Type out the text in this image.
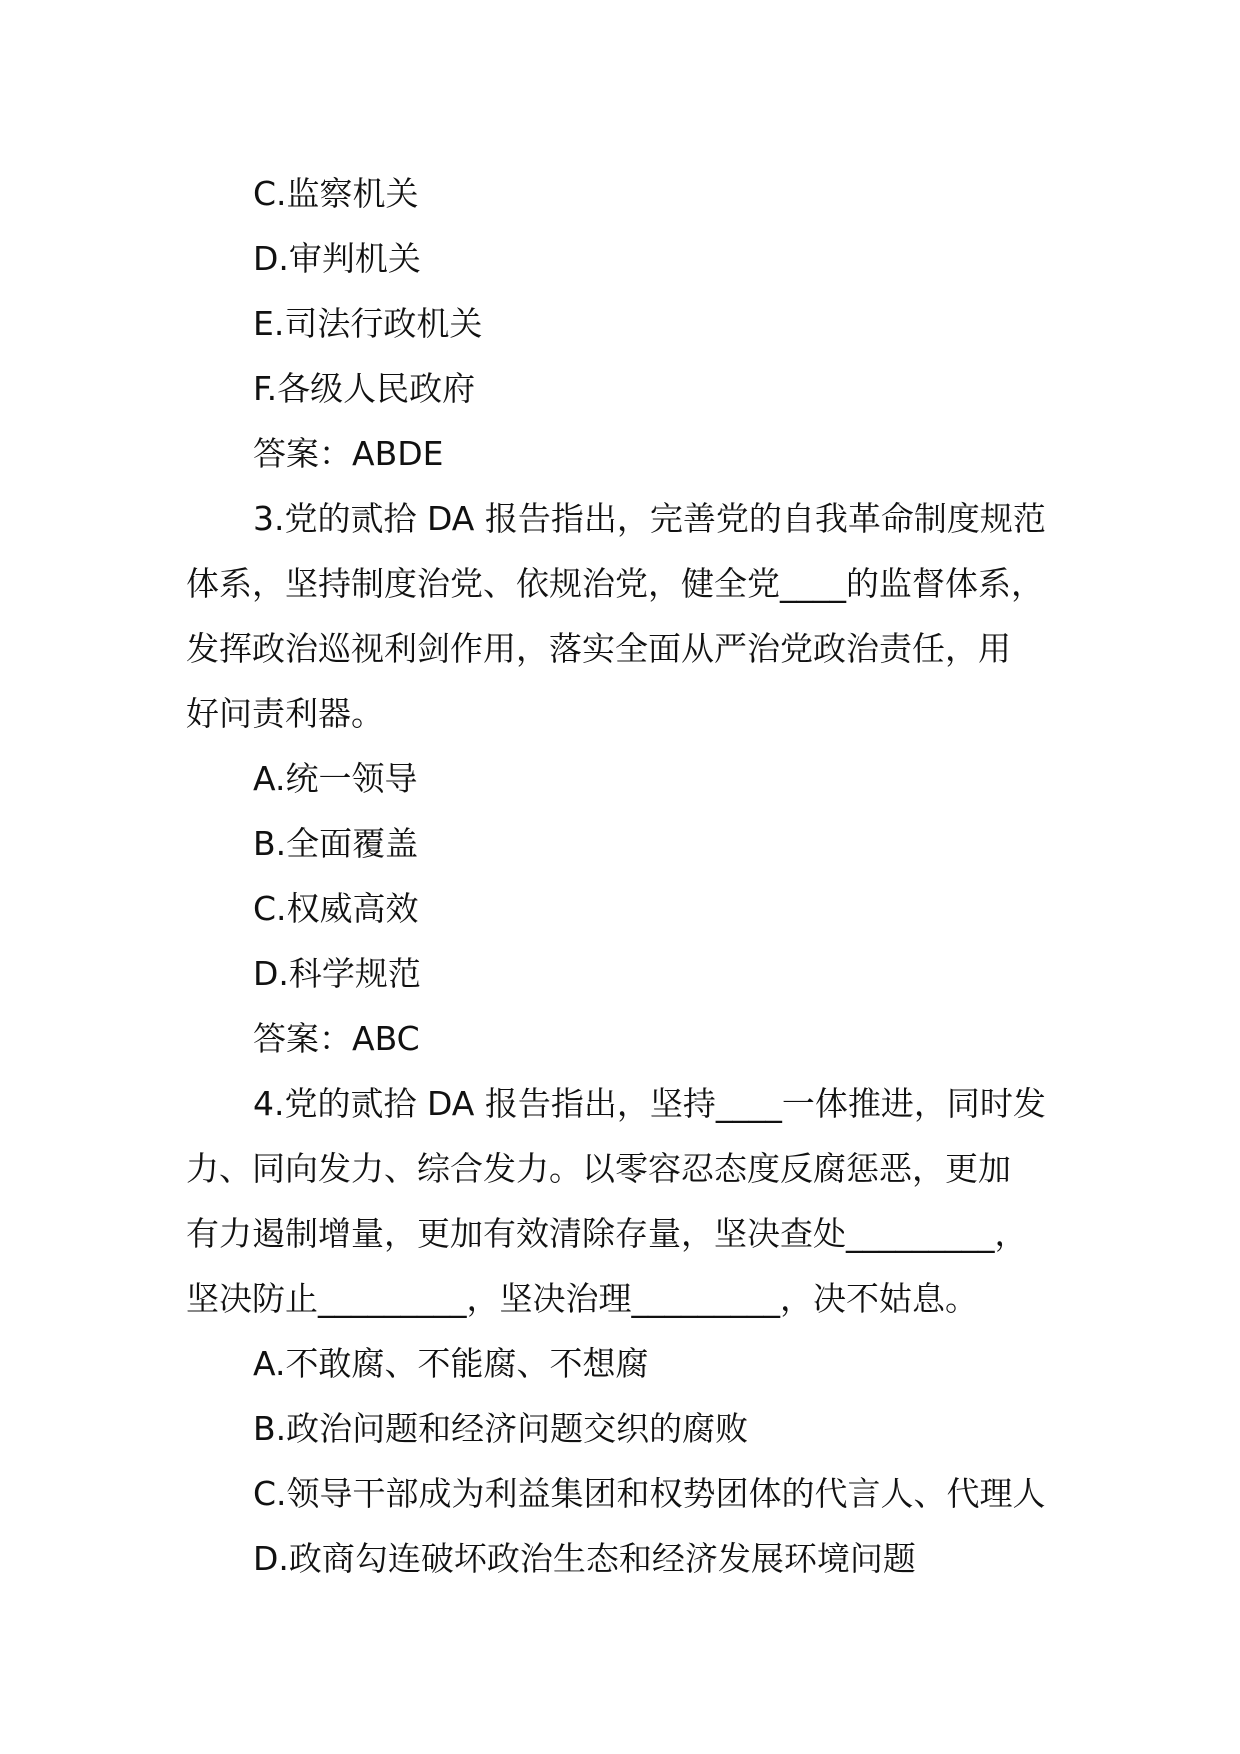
C.监察机关
D.审判机关
E.司法行政机关
F.各级人民政府
答案：ABDE
3.党的贰拾 DA 报告指出，完善党的自我革命制度规范
体系，坚持制度治党、依规治党，健全党____的监督体系，
发挥政治巡视利剑作用，落实全面从严治党政治责任，用
好问责利器。
A.统一领导
B.全面覆盖
C.权威高效
D.科学规范
答案：ABC
4.党的贰拾 DA 报告指出，坚持____一体推进，同时发
力、同向发力、综合发力。以零容忍态度反腐惩恶，更加
有力遏制增量，更加有效清除存量，坚决查处_________，
坚决防止_________，坚决治理_________，决不姑息。
A.不敢腐、不能腐、不想腐
B.政治问题和经济问题交织的腐败
C.领导干部成为利益集团和权势团体的代言人、代理人
D.政商勾连破坏政治生态和经济发展环境问题
